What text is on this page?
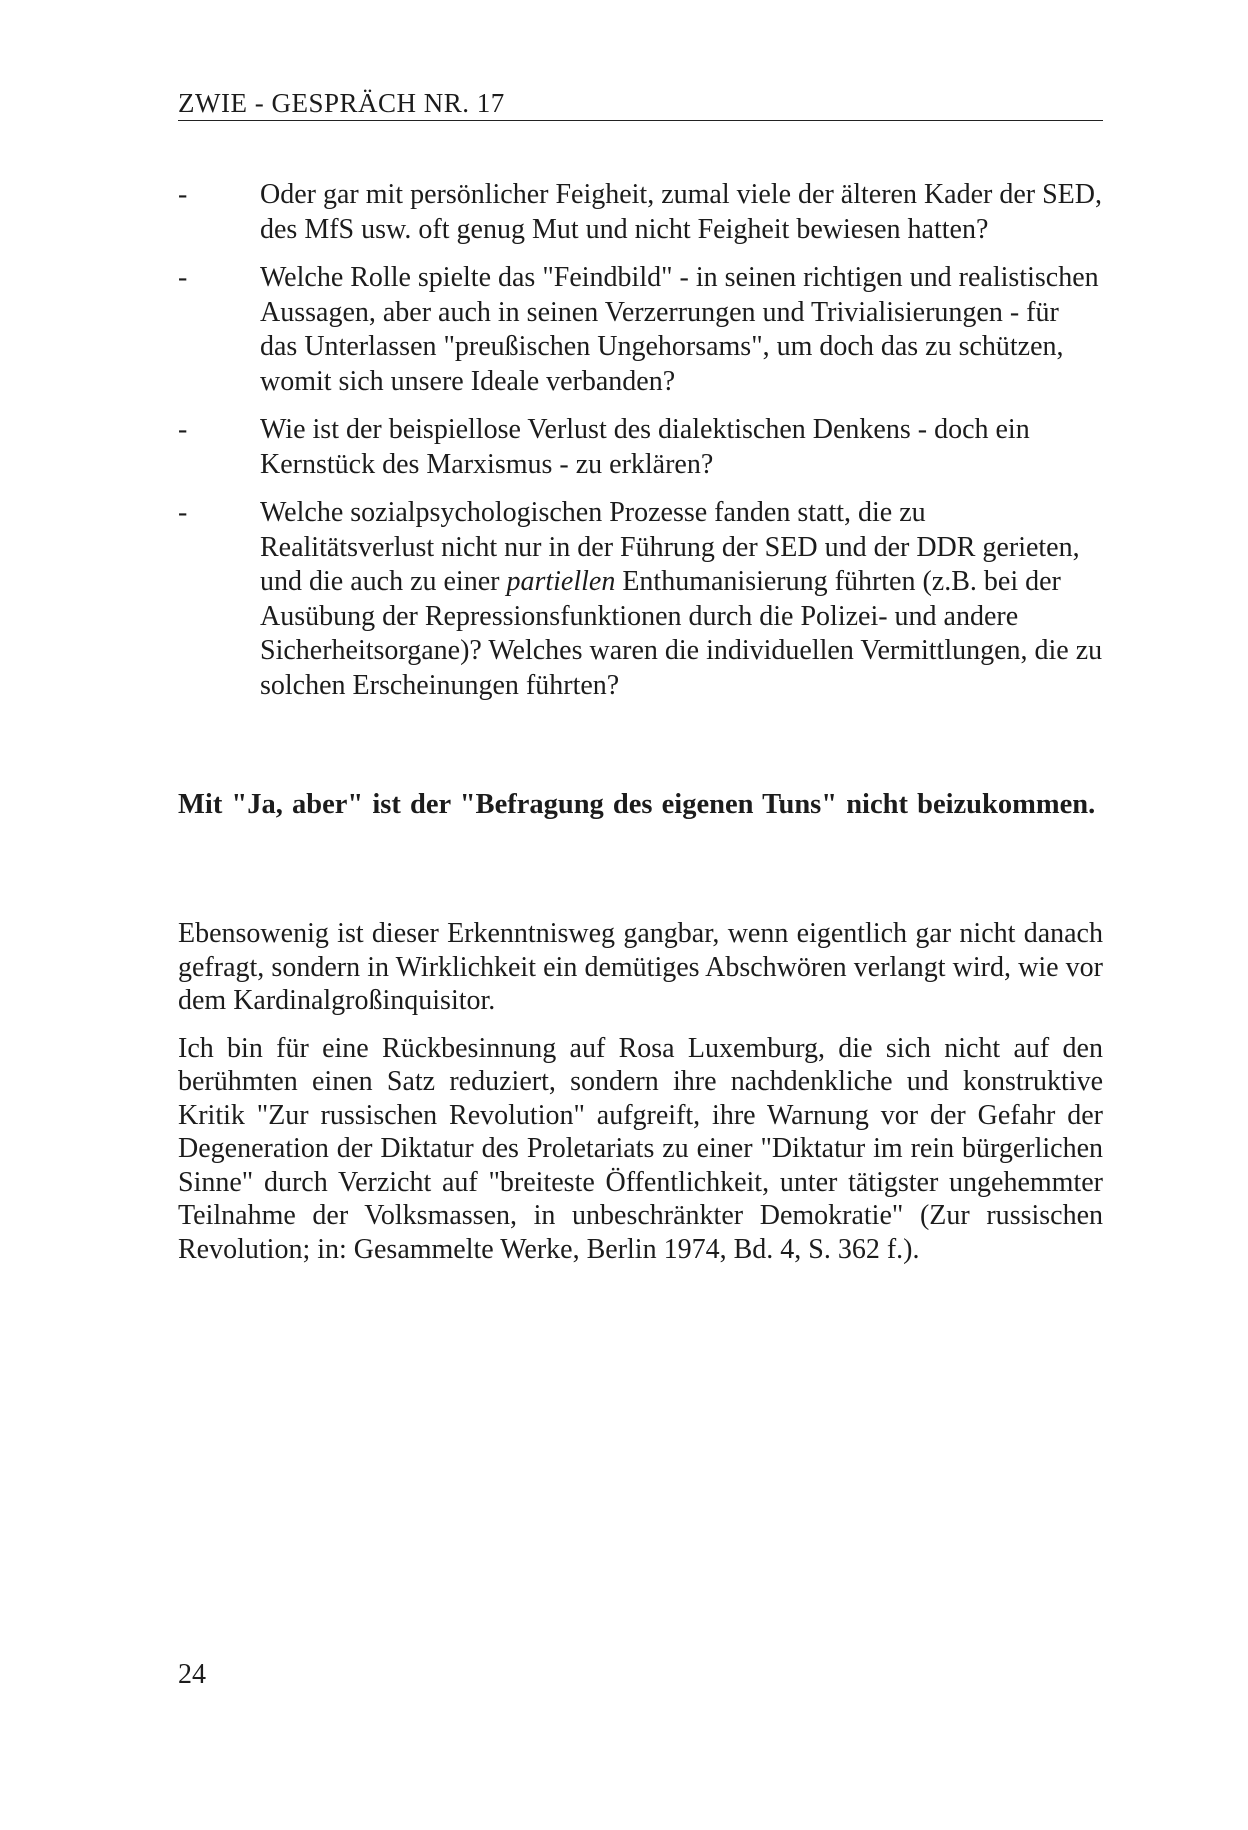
ZWIE - GESPRÄCH NR. 17
-	Oder gar mit persönlicher Feigheit, zumal viele der älteren Kader der SED, des MfS usw. oft genug Mut und nicht Feigheit bewiesen hatten?
-	Welche Rolle spielte das "Feindbild" - in seinen richtigen und realistischen Aussagen, aber auch in seinen Verzerrungen und Trivialisierungen - für das Unterlassen "preußischen Ungehorsams", um doch das zu schützen, womit sich unsere Ideale verbanden?
-	Wie ist der beispiellose Verlust des dialektischen Denkens - doch ein Kernstück des Marxismus - zu erklären?
-	Welche sozialpsychologischen Prozesse fanden statt, die zu Realitätsverlust nicht nur in der Führung der SED und der DDR gerieten, und die auch zu einer partiellen Enthumanisierung führten (z.B. bei der Ausübung der Repressionsfunktionen durch die Polizei- und andere Sicherheitsorgane)? Welches waren die individuellen Vermittlungen, die zu solchen Erscheinungen führten?
Mit "Ja, aber" ist der "Befragung des eigenen Tuns" nicht beizukommen.

Ebensowenig ist dieser Erkenntnisweg gangbar, wenn eigentlich gar nicht danach gefragt, sondern in Wirklichkeit ein demütiges Abschwören verlangt wird, wie vor dem Kardinalgroßinquisitor.

Ich bin für eine Rückbesinnung auf Rosa Luxemburg, die sich nicht auf den berühmten einen Satz reduziert, sondern ihre nachdenkliche und konstruktive Kritik "Zur russischen Revolution" aufgreift, ihre Warnung vor der Gefahr der Degeneration der Diktatur des Proletariats zu einer "Diktatur im rein bürgerlichen Sinne" durch Verzicht auf "breiteste Öffentlichkeit, unter tätigster ungehemmter Teilnahme der Volksmassen, in unbeschränkter Demokratie" (Zur russischen Revolution; in: Gesammelte Werke, Berlin 1974, Bd. 4, S. 362 f.).

24
